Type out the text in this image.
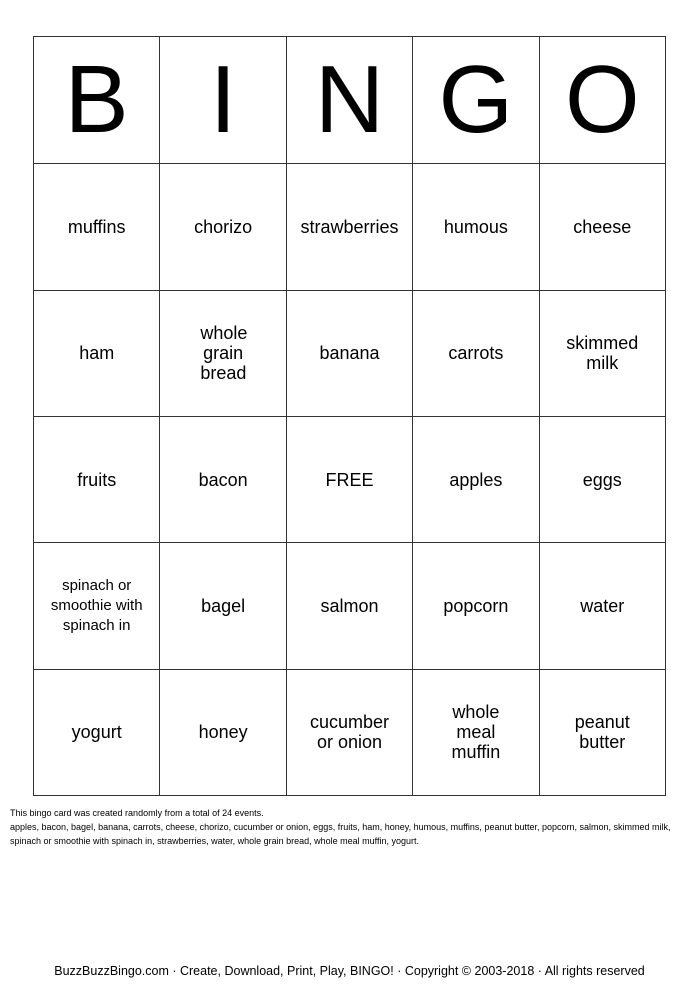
B	I	N	G	O
muffins	chorizo	strawberries	humous	cheese
ham	whole grain bread	banana	carrots	skimmed milk
fruits	bacon	FREE	apples	eggs
spinach or smoothie with spinach in	bagel	salmon	popcorn	water
yogurt	honey	cucumber or onion	whole meal muffin	peanut butter

This bingo card was created randomly from a total of 24 events.

apples, bacon, bagel, banana, carrots, cheese, chorizo, cucumber or onion, eggs, fruits, ham, honey, humous, muffins, peanut butter, popcorn, salmon, skimmed milk, spinach or smoothie with spinach in, strawberries, water, whole grain bread, whole meal muffin, yogurt.

BuzzBuzzBingo.com · Create, Download, Print, Play, BINGO! · Copyright © 2003-2018 · All rights reserved
